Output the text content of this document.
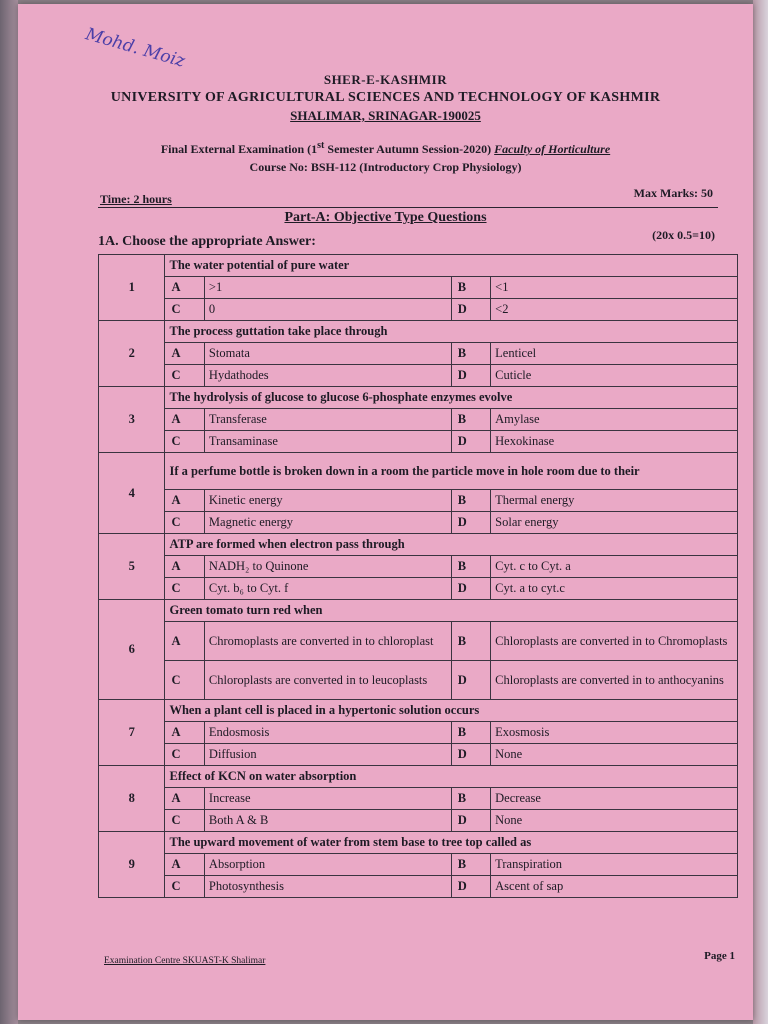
Mohd. Moiz
SHER-E-KASHMIR
UNIVERSITY OF AGRICULTURAL SCIENCES AND TECHNOLOGY OF KASHMIR
SHALIMAR, SRINAGAR-190025
Final External Examination (1st Semester Autumn Session-2020) Faculty of Horticulture
Course No: BSH-112 (Introductory Crop Physiology)
Time: 2 hours	Max Marks: 50
Part-A: Objective Type Questions
1A. Choose the appropriate Answer:	(20x 0.5=10)
1	The water potential of pure water			
	A	>1	B	<1
	C	0	D	<2
2	The process guttation take place through			
	A	Stomata	B	Lenticel
	C	Hydathodes	D	Cuticle
3	The hydrolysis of glucose to glucose 6-phosphate enzymes evolve			
	A	Transferase	B	Amylase
	C	Transaminase	D	Hexokinase
4	If a perfume bottle is broken down in a room the particle move in hole room due to their			
	A	Kinetic energy	B	Thermal energy
	C	Magnetic energy	D	Solar energy
5	ATP are formed when electron pass through			
	A	NADH₂ to Quinone	B	Cyt. c to Cyt. a
	C	Cyt. b₆ to Cyt. f	D	Cyt. a to cyt.c
6	Green tomato turn red when			
	A	Chromoplasts are converted in to chloroplast	B	Chloroplasts are converted in to Chromoplasts
	C	Chloroplasts are converted in to leucoplasts	D	Chloroplasts are converted in to anthocyanins
7	When a plant cell is placed in a hypertonic solution occurs			
	A	Endosmosis	B	Exosmosis
	C	Diffusion	D	None
8	Effect of KCN on water absorption			
	A	Increase	B	Decrease
	C	Both A & B	D	None
9	The upward movement of water from stem base to tree top called as			
	A	Absorption	B	Transpiration
	C	Photosynthesis	D	Ascent of sap
Examination Centre SKUAST-K Shalimar	Page 1
